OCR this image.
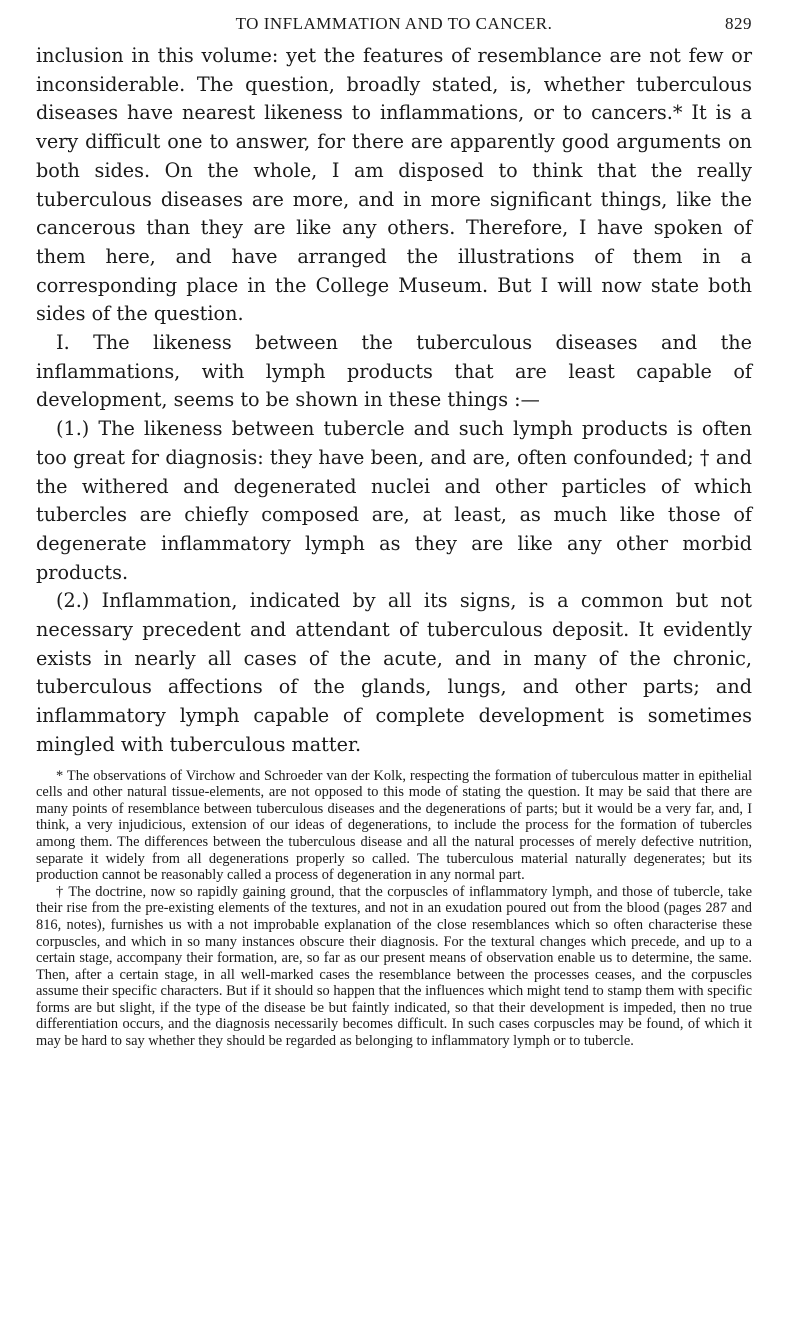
TO INFLAMMATION AND TO CANCER.	829

inclusion in this volume: yet the features of resemblance are not few or inconsiderable. The question, broadly stated, is, whether tuberculous diseases have nearest likeness to inflammations, or to cancers.* It is a very difficult one to answer, for there are apparently good arguments on both sides. On the whole, I am disposed to think that the really tuberculous diseases are more, and in more significant things, like the cancerous than they are like any others. Therefore, I have spoken of them here, and have arranged the illustrations of them in a corresponding place in the College Museum. But I will now state both sides of the question.

I. The likeness between the tuberculous diseases and the inflammations, with lymph products that are least capable of development, seems to be shown in these things :—

(1.) The likeness between tubercle and such lymph products is often too great for diagnosis: they have been, and are, often confounded; † and the withered and degenerated nuclei and other particles of which tubercles are chiefly composed are, at least, as much like those of degenerate inflammatory lymph as they are like any other morbid products.

(2.) Inflammation, indicated by all its signs, is a common but not necessary precedent and attendant of tuberculous deposit. It evidently exists in nearly all cases of the acute, and in many of the chronic, tuberculous affections of the glands, lungs, and other parts; and inflammatory lymph capable of complete development is sometimes mingled with tuberculous matter.

* The observations of Virchow and Schroeder van der Kolk, respecting the formation of tuberculous matter in epithelial cells and other natural tissue-elements, are not opposed to this mode of stating the question. It may be said that there are many points of resemblance between tuberculous diseases and the degenerations of parts; but it would be a very far, and, I think, a very injudicious, extension of our ideas of degenerations, to include the process for the formation of tubercles among them. The differences between the tuberculous disease and all the natural processes of merely defective nutrition, separate it widely from all degenerations properly so called. The tuberculous material naturally degenerates; but its production cannot be reasonably called a process of degeneration in any normal part.

† The doctrine, now so rapidly gaining ground, that the corpuscles of inflammatory lymph, and those of tubercle, take their rise from the pre-existing elements of the textures, and not in an exudation poured out from the blood (pages 287 and 816, notes), furnishes us with a not improbable explanation of the close resemblances which so often characterise these corpuscles, and which in so many instances obscure their diagnosis. For the textural changes which precede, and up to a certain stage, accompany their formation, are, so far as our present means of observation enable us to determine, the same. Then, after a certain stage, in all well-marked cases the resemblance between the processes ceases, and the corpuscles assume their specific characters. But if it should so happen that the influences which might tend to stamp them with specific forms are but slight, if the type of the disease be but faintly indicated, so that their development is impeded, then no true differentiation occurs, and the diagnosis necessarily becomes difficult. In such cases corpuscles may be found, of which it may be hard to say whether they should be regarded as belonging to inflammatory lymph or to tubercle.
